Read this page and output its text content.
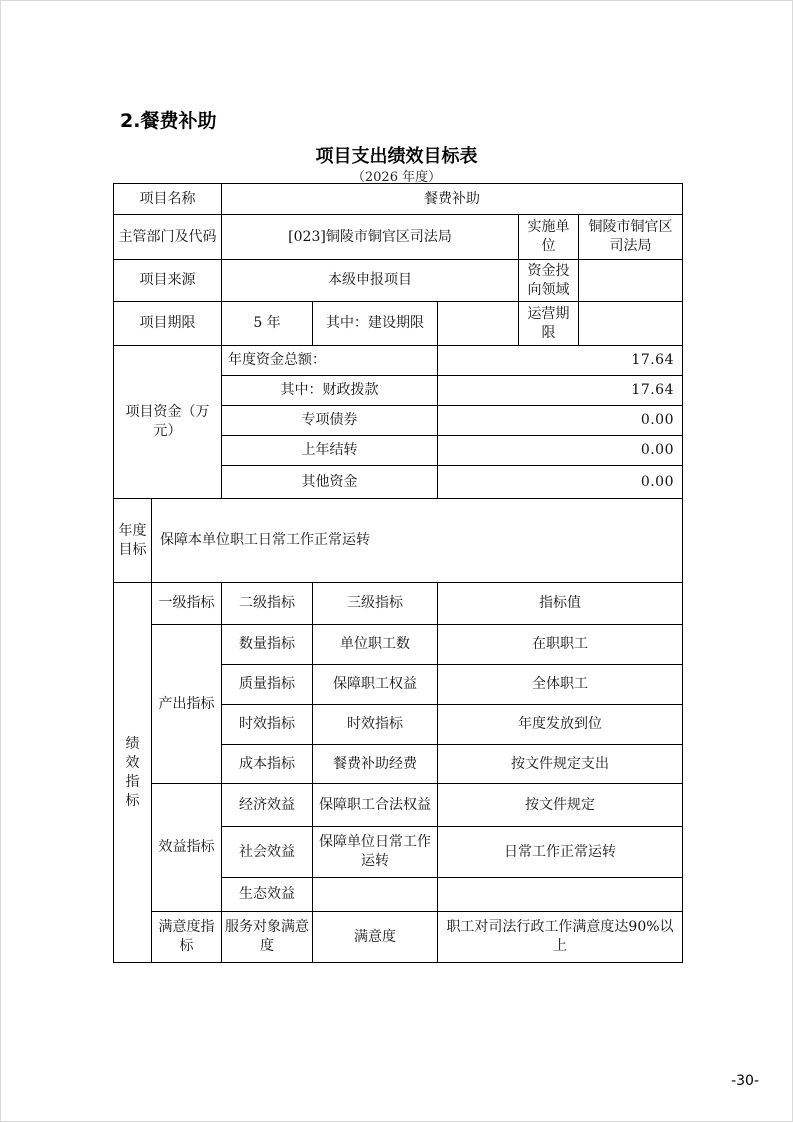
2.餐费补助
项目支出绩效目标表
（2026 年度）
项目名称		餐费补助				
主管部门及代码		[023]铜陵市铜官区司法局			实施单位	铜陵市铜官区司法局
项目来源		本级申报项目			资金投向领域	
项目期限		5 年	其中：建设期限		运营期限	
项目资金（万元）		年度资金总额：		17.64		
		其中：财政拨款		17.64		
		专项债券		0.00		
		上年结转		0.00		
		其他资金		0.00		
年度目标	保障本单位职工日常工作正常运转					
绩效指标	一级指标	二级指标	三级指标	指标值		
	产出指标	数量指标	单位职工数	在职职工		
		质量指标	保障职工权益	全体职工		
		时效指标	时效指标	年度发放到位		
		成本指标	餐费补助经费	按文件规定支出		
	效益指标	经济效益	保障职工合法权益	按文件规定		
		社会效益	保障单位日常工作运转	日常工作正常运转		
		生态效益				
	满意度指标	服务对象满意度	满意度	职工对司法行政工作满意度达90%以上		
-30-
